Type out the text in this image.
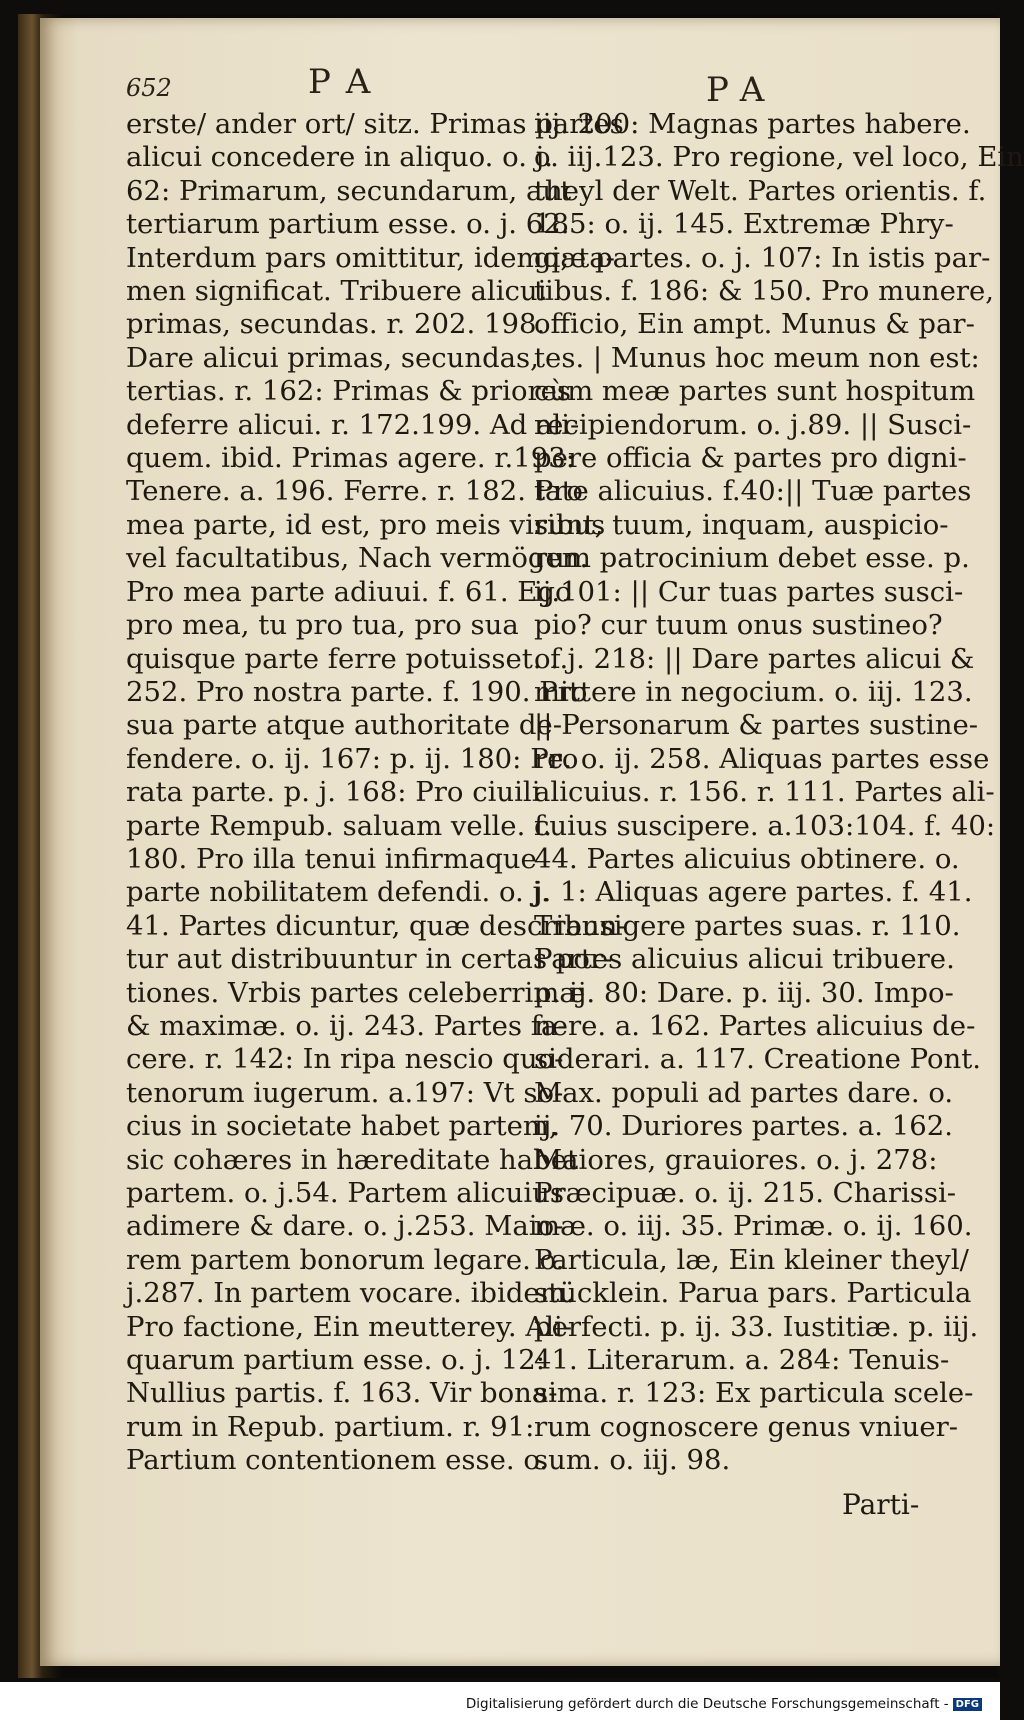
652	PA	PA
erste/ ander ort/ sitz. Primas partes
alicui concedere in aliquo. o. j.
62: Primarum, secundarum, aut
tertiarum partium esse. o. j. 62.
Interdum pars omittitur, idemq; ta-
men significat. Tribuere alicui
primas, secundas. r. 202. 198.
Dare alicui primas, secundas,
tertias. r. 162: Primas & priores
deferre alicui. r. 172.199. Ad ali-
quem. ibid. Primas agere. r.193:
Tenere. a. 196. Ferre. r. 182. Pro
mea parte, id est, pro meis viribus
vel facultatibus, Nach vermögen.
Pro mea parte adiuui. f. 61. Ego
pro mea, tu pro tua, pro sua
quisque parte ferre potuisset. f.
252. Pro nostra parte. f. 190. Pro
sua parte atque authoritate de-
fendere. o. ij. 167: p. ij. 180: Pro
rata parte. p. j. 168: Pro ciuili
parte Rempub. saluam velle. f.
180. Pro illa tenui infirmaque
parte nobilitatem defendi. o. j.
41. Partes dicuntur, quæ describun-
tur aut distribuuntur in certas por-
tiones. Vrbis partes celeberrimæ
& maximæ. o. ij. 243. Partes fa-
cere. r. 142: In ripa nescio quo-
tenorum iugerum. a.197: Vt so-
cius in societate habet partem,
sic cohæres in hæreditate habet
partem. o. j.54. Partem alicuius
adimere & dare. o. j.253. Maio-
rem partem bonorum legare. o.
j.287. In partem vocare. ibidem.
Pro factione, Ein meutterey. Ali-
quarum partium esse. o. j. 12:
Nullius partis. f. 163. Vir bona-
rum in Repub. partium. r. 91:
Partium contentionem esse. o.
iij. 200: Magnas partes habere.
o. iij.123. Pro regione, vel loco, Ein
theyl der Welt. Partes orientis. f.
185: o. ij. 145. Extremæ Phry-
giæ partes. o. j. 107: In istis par-
tibus. f. 186: & 150. Pro munere,
officio, Ein ampt. Munus & par-
tes. | Munus hoc meum non est:
cùm meæ partes sunt hospitum
recipiendorum. o. j.89. || Susci-
pere officia & partes pro digni-
tate alicuius. f.40:|| Tuæ partes
sunt, tuum, inquam, auspicio-
rum patrocinium debet esse. p.
ij.101: || Cur tuas partes susci-
pio? cur tuum onus sustineo?
o. j. 218: || Dare partes alicui &
mittere in negocium. o. iij. 123.
|| Personarum & partes sustine-
re. o. ij. 258. Aliquas partes esse
alicuius. r. 156. r. 111. Partes ali-
cuius suscipere. a.103:104. f. 40:
44. Partes alicuius obtinere. o.
j. 1: Aliquas agere partes. f. 41.
Transigere partes suas. r. 110.
Partes alicuius alicui tribuere.
p. ij. 80: Dare. p. iij. 30. Impo-
nere. a. 162. Partes alicuius de-
siderari. a. 117. Creatione Pont.
Max. populi ad partes dare. o.
ij. 70. Duriores partes. a. 162.
Maiores, grauiores. o. j. 278:
Præcipuæ. o. ij. 215. Charissi-
mæ. o. iij. 35. Primæ. o. ij. 160.
Particula, læ, Ein kleiner theyl/
stücklein. Parua pars. Particula
perfecti. p. ij. 33. Iustitiæ. p. iij.
41. Literarum. a. 284: Tenuis-
sima. r. 123: Ex particula scele-
rum cognoscere genus vniuer-
sum. o. iij. 98.
Parti-
Digitalisierung gefördert durch die Deutsche Forschungsgemeinschaft - DFG
